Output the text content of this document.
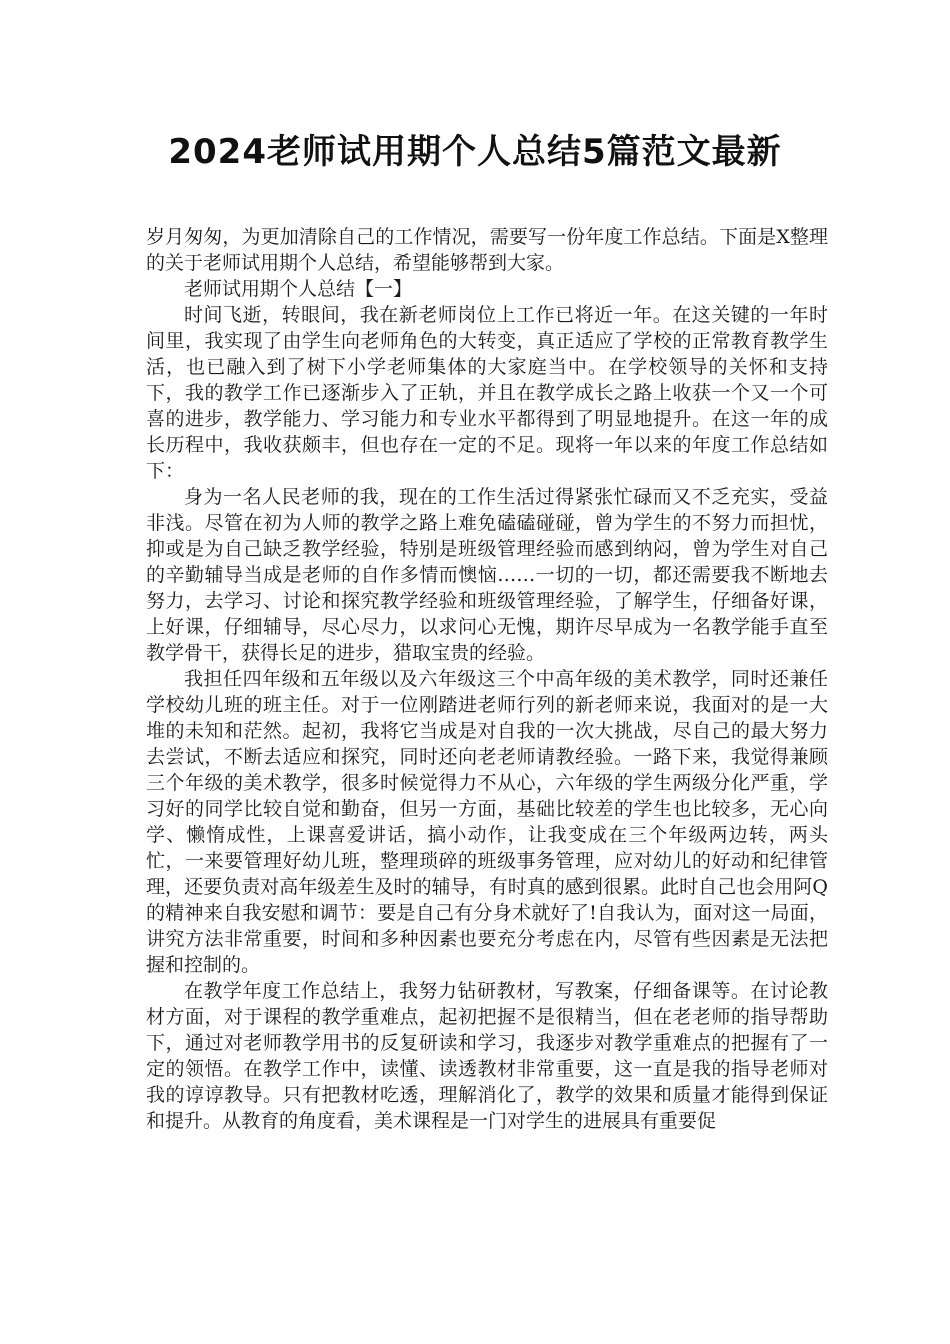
2024老师试用期个人总结5篇范文最新

岁月匆匆，为更加清除自己的工作情况，需要写一份年度工作总结。下面是X整理的关于老师试用期个人总结，希望能够帮到大家。

老师试用期个人总结【一】

时间飞逝，转眼间，我在新老师岗位上工作已将近一年。在这关键的一年时间里，我实现了由学生向老师角色的大转变，真正适应了学校的正常教育教学生活，也已融入到了树下小学老师集体的大家庭当中。在学校领导的关怀和支持下，我的教学工作已逐渐步入了正轨，并且在教学成长之路上收获一个又一个可喜的进步，教学能力、学习能力和专业水平都得到了明显地提升。在这一年的成长历程中，我收获颇丰，但也存在一定的不足。现将一年以来的年度工作总结如下：

身为一名人民老师的我，现在的工作生活过得紧张忙碌而又不乏充实，受益非浅。尽管在初为人师的教学之路上难免磕磕碰碰，曾为学生的不努力而担忧，抑或是为自己缺乏教学经验，特别是班级管理经验而感到纳闷，曾为学生对自己的辛勤辅导当成是老师的自作多情而懊恼……一切的一切，都还需要我不断地去努力，去学习、讨论和探究教学经验和班级管理经验，了解学生，仔细备好课，上好课，仔细辅导，尽心尽力，以求问心无愧，期许尽早成为一名教学能手直至教学骨干，获得长足的进步，猎取宝贵的经验。

我担任四年级和五年级以及六年级这三个中高年级的美术教学，同时还兼任学校幼儿班的班主任。对于一位刚踏进老师行列的新老师来说，我面对的是一大堆的未知和茫然。起初，我将它当成是对自我的一次大挑战，尽自己的最大努力去尝试，不断去适应和探究，同时还向老老师请教经验。一路下来，我觉得兼顾三个年级的美术教学，很多时候觉得力不从心，六年级的学生两级分化严重，学习好的同学比较自觉和勤奋，但另一方面，基础比较差的学生也比较多，无心向学、懒惰成性，上课喜爱讲话，搞小动作，让我变成在三个年级两边转，两头忙，一来要管理好幼儿班，整理琐碎的班级事务管理，应对幼儿的好动和纪律管理，还要负责对高年级差生及时的辅导，有时真的感到很累。此时自己也会用阿Q的精神来自我安慰和调节：要是自己有分身术就好了!自我认为，面对这一局面，讲究方法非常重要，时间和多种因素也要充分考虑在内，尽管有些因素是无法把握和控制的。

在教学年度工作总结上，我努力钻研教材，写教案，仔细备课等。在讨论教材方面，对于课程的教学重难点，起初把握不是很精当，但在老老师的指导帮助下，通过对老师教学用书的反复研读和学习，我逐步对教学重难点的把握有了一定的领悟。在教学工作中，读懂、读透教材非常重要，这一直是我的指导老师对我的谆谆教导。只有把教材吃透，理解消化了，教学的效果和质量才能得到保证和提升。从教育的角度看，美术课程是一门对学生的进展具有重要促
